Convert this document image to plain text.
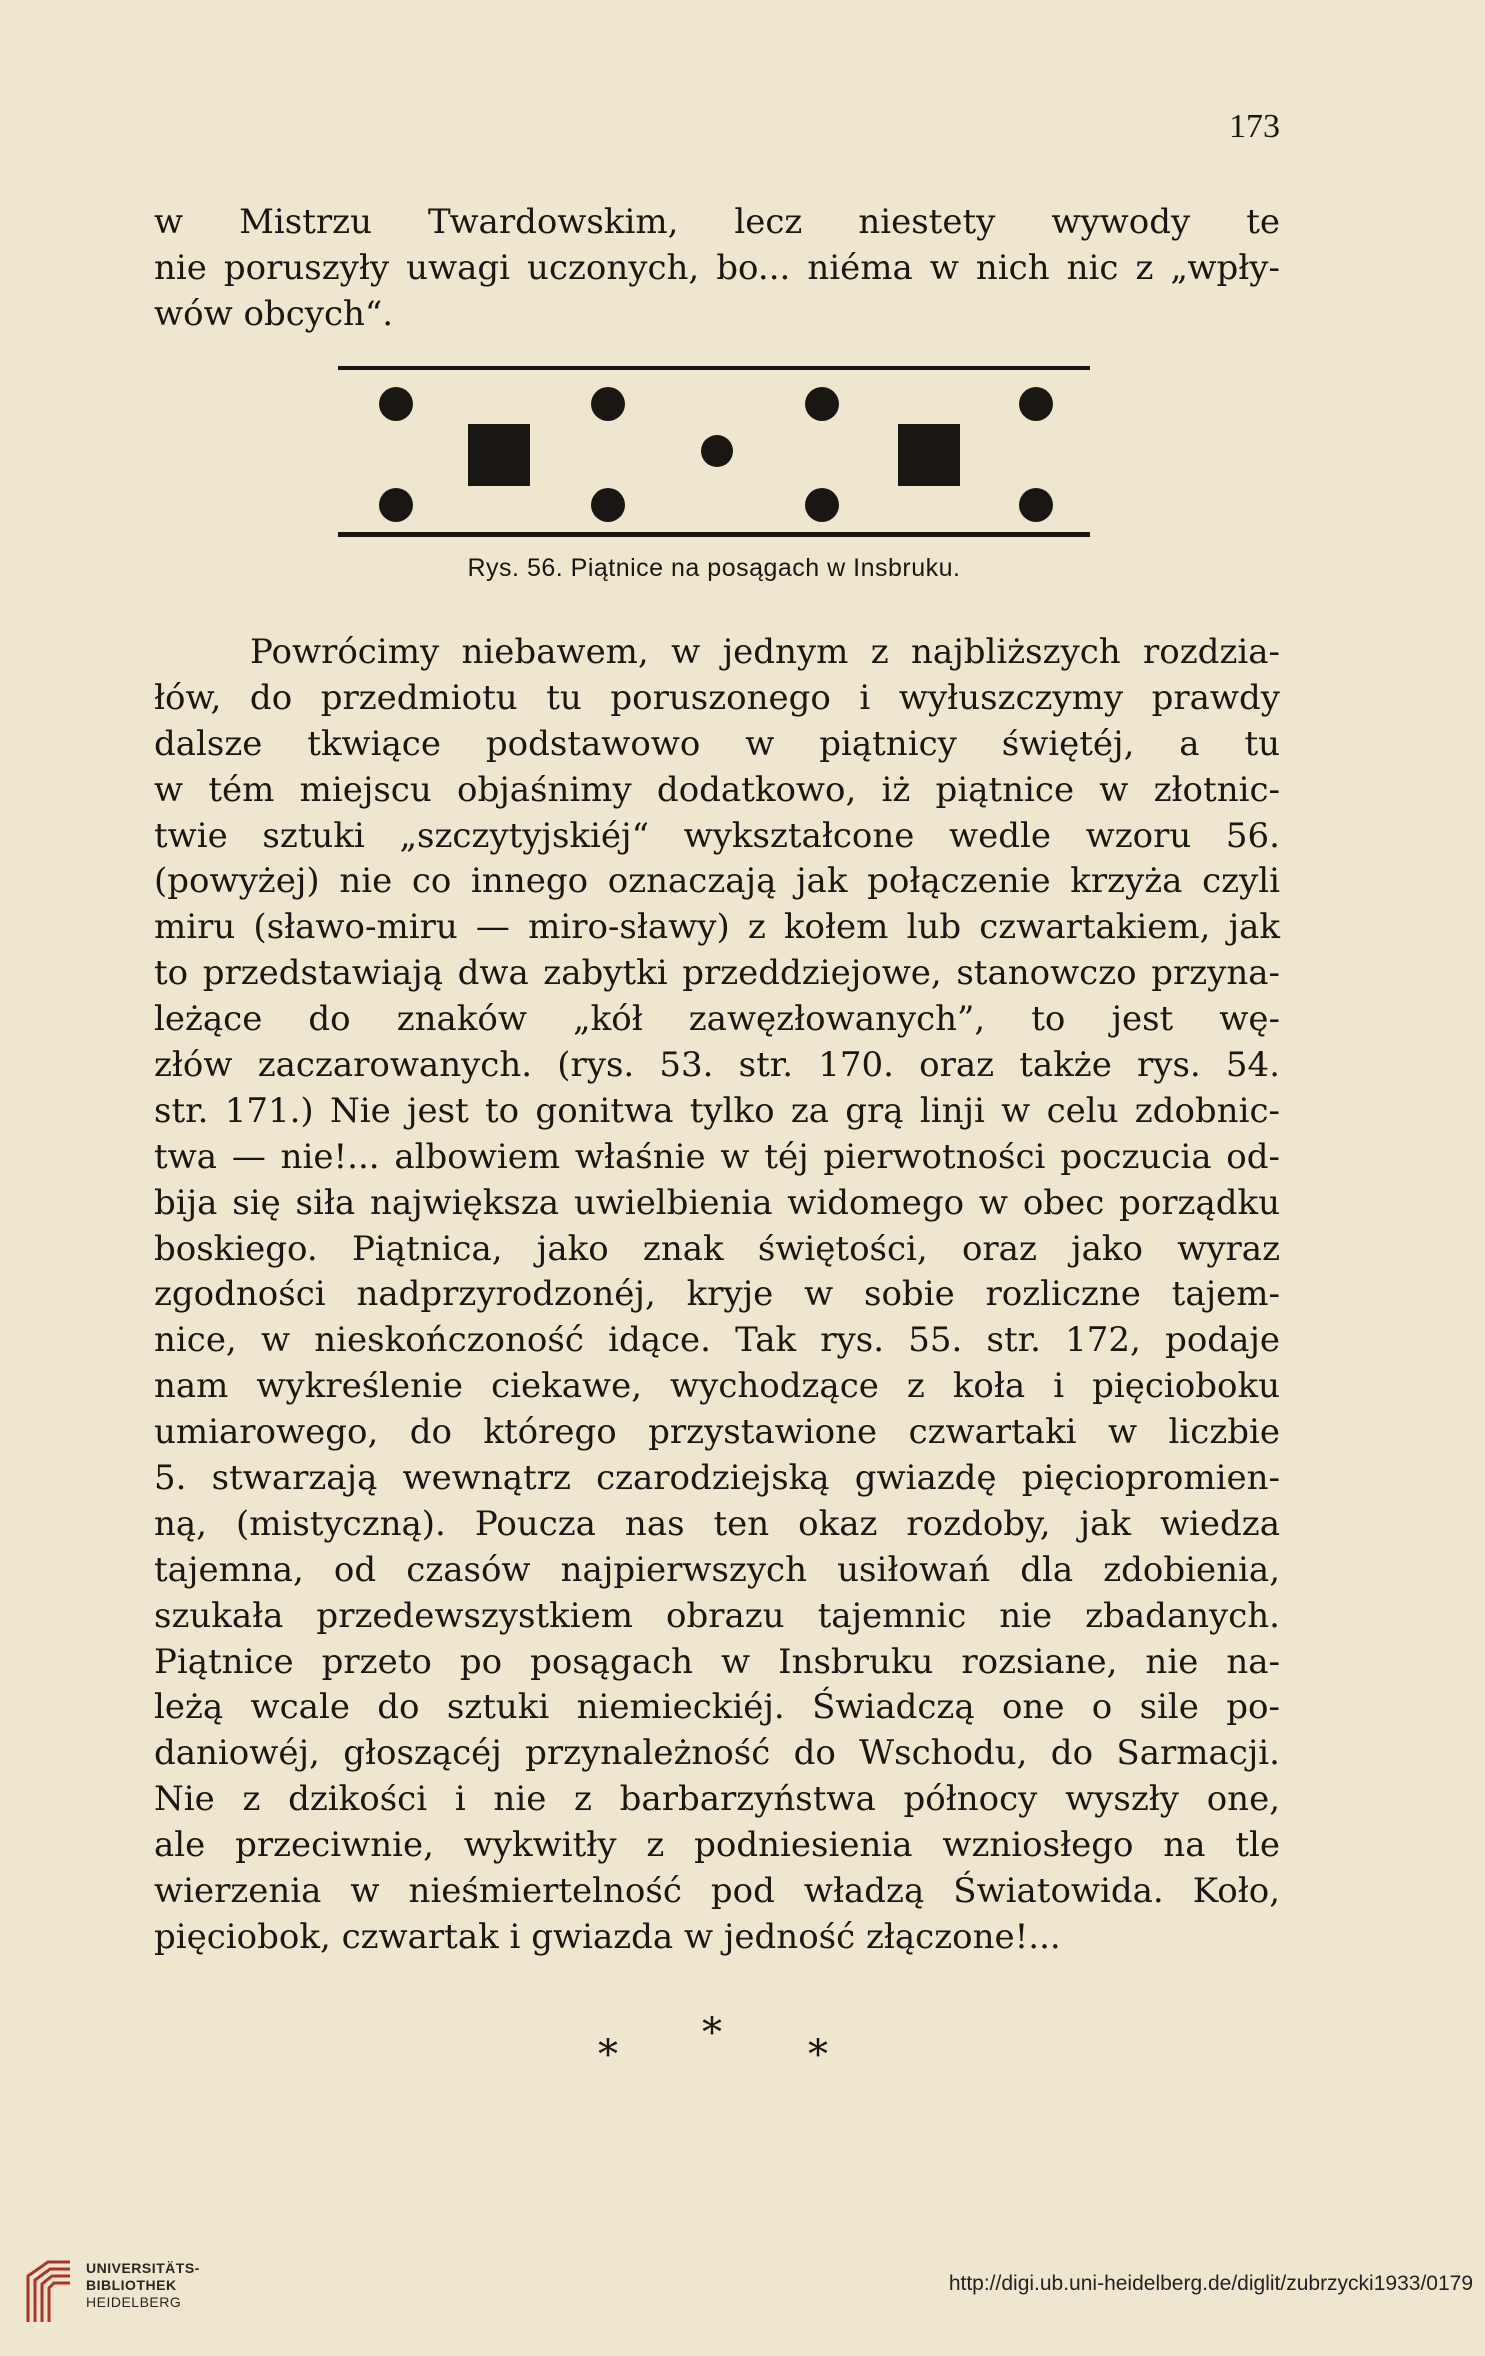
173
w Mistrzu Twardowskim, lecz niestety wywody te
nie poruszyły uwagi uczonych, bo... niéma w nich nic z „wpły-
wów obcych“.
Rys. 56. Piątnice na posągach w Insbruku.
Powrócimy niebawem, w jednym z najbliższych rozdzia-
łów, do przedmiotu tu poruszonego i wyłuszczymy prawdy
dalsze tkwiące podstawowo w piątnicy świętéj, a tu
w tém miejscu objaśnimy dodatkowo, iż piątnice w złotnic-
twie sztuki „szczytyjskiéj“ wykształcone wedle wzoru 56.
(powyżej) nie co innego oznaczają jak połączenie krzyża czyli
miru (sławo-miru — miro-sławy) z kołem lub czwartakiem, jak
to przedstawiają dwa zabytki przeddziejowe, stanowczo przyna-
leżące do znaków „kół zawęzłowanych”, to jest wę-
złów zaczarowanych. (rys. 53. str. 170. oraz także rys. 54.
str. 171.) Nie jest to gonitwa tylko za grą linji w celu zdobnic-
twa — nie!... albowiem właśnie w téj pierwotności poczucia od-
bija się siła największa uwielbienia widomego w obec porządku
boskiego. Piątnica, jako znak świętości, oraz jako wyraz
zgodności nadprzyrodzonéj, kryje w sobie rozliczne tajem-
nice, w nieskończoność idące. Tak rys. 55. str. 172, podaje
nam wykreślenie ciekawe, wychodzące z koła i pięcioboku
umiarowego, do którego przystawione czwartaki w liczbie
5. stwarzają wewnątrz czarodziejską gwiazdę pięciopromien-
ną, (mistyczną). Poucza nas ten okaz rozdoby, jak wiedza
tajemna, od czasów najpierwszych usiłowań dla zdobienia,
szukała przedewszystkiem obrazu tajemnic nie zbadanych.
Piątnice przeto po posągach w Insbruku rozsiane, nie na-
leżą wcale do sztuki niemieckiéj. Świadczą one o sile po-
daniowéj, głoszącéj przynależność do Wschodu, do Sarmacji.
Nie z dzikości i nie z barbarzyństwa północy wyszły one,
ale przeciwnie, wykwitły z podniesienia wzniosłego na tle
wierzenia w nieśmiertelność pod władzą Światowida. Koło,
pięciobok, czwartak i gwiazda w jedność złączone!...
* * *
UNIVERSITÄTS-
BIBLIOTHEK
HEIDELBERG
http://digi.ub.uni-heidelberg.de/diglit/zubrzycki1933/0179
